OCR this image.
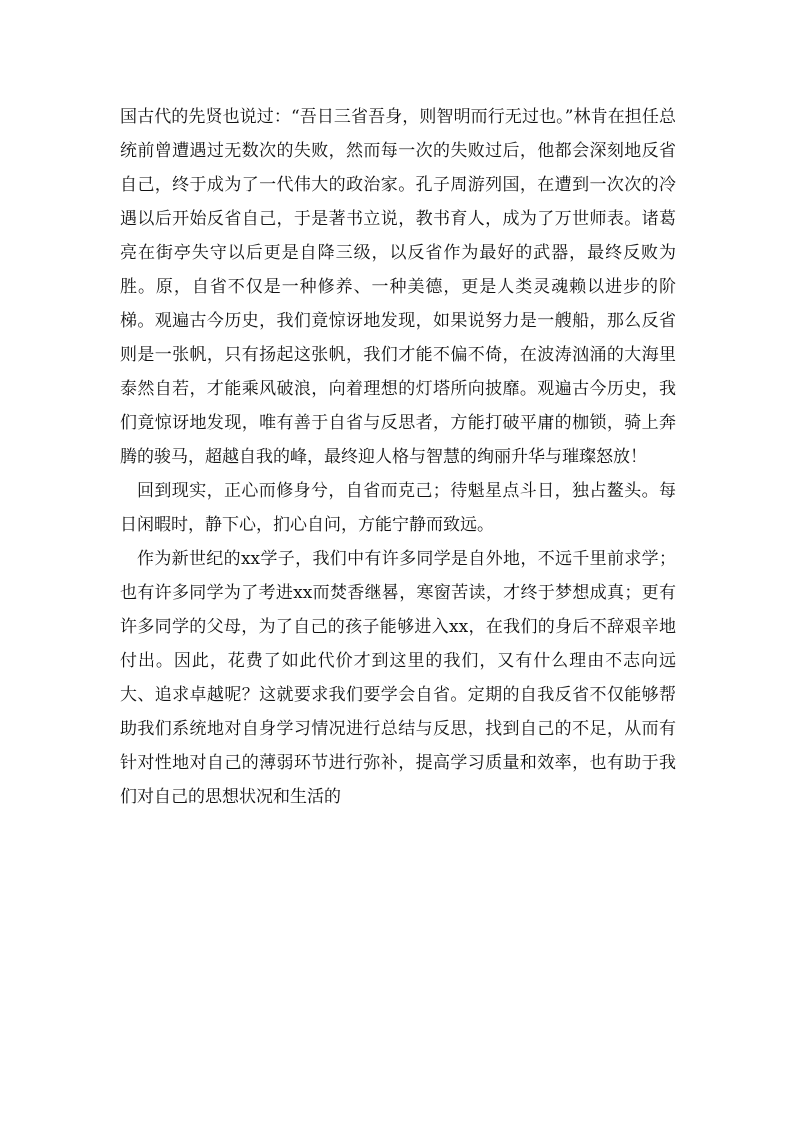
国古代的先贤也说过：“吾日三省吾身，则智明而行无过也。”林肯在担任总统前曾遭遇过无数次的失败，然而每一次的失败过后，他都会深刻地反省自己，终于成为了一代伟大的政治家。孔子周游列国，在遭到一次次的冷遇以后开始反省自己，于是著书立说，教书育人，成为了万世师表。诸葛亮在街亭失守以后更是自降三级，以反省作为最好的武器，最终反败为胜。原，自省不仅是一种修养、一种美德，更是人类灵魂赖以进步的阶梯。观遍古今历史，我们竟惊讶地发现，如果说努力是一艘船，那么反省则是一张帆，只有扬起这张帆，我们才能不偏不倚，在波涛汹涌的大海里泰然自若，才能乘风破浪，向着理想的灯塔所向披靡。观遍古今历史，我们竟惊讶地发现，唯有善于自省与反思者，方能打破平庸的枷锁，骑上奔腾的骏马，超越自我的峰，最终迎人格与智慧的绚丽升华与璀璨怒放！

回到现实，正心而修身兮，自省而克己；待魁星点斗日，独占鳌头。每日闲暇时，静下心，扪心自问，方能宁静而致远。

作为新世纪的xx学子，我们中有许多同学是自外地，不远千里前求学；也有许多同学为了考进xx而焚香继晷，寒窗苦读，才终于梦想成真；更有许多同学的父母，为了自己的孩子能够进入xx，在我们的身后不辞艰辛地付出。因此，花费了如此代价才到这里的我们，又有什么理由不志向远大、追求卓越呢？这就要求我们要学会自省。定期的自我反省不仅能够帮助我们系统地对自身学习情况进行总结与反思，找到自己的不足，从而有针对性地对自己的薄弱环节进行弥补，提高学习质量和效率，也有助于我们对自己的思想状况和生活的
